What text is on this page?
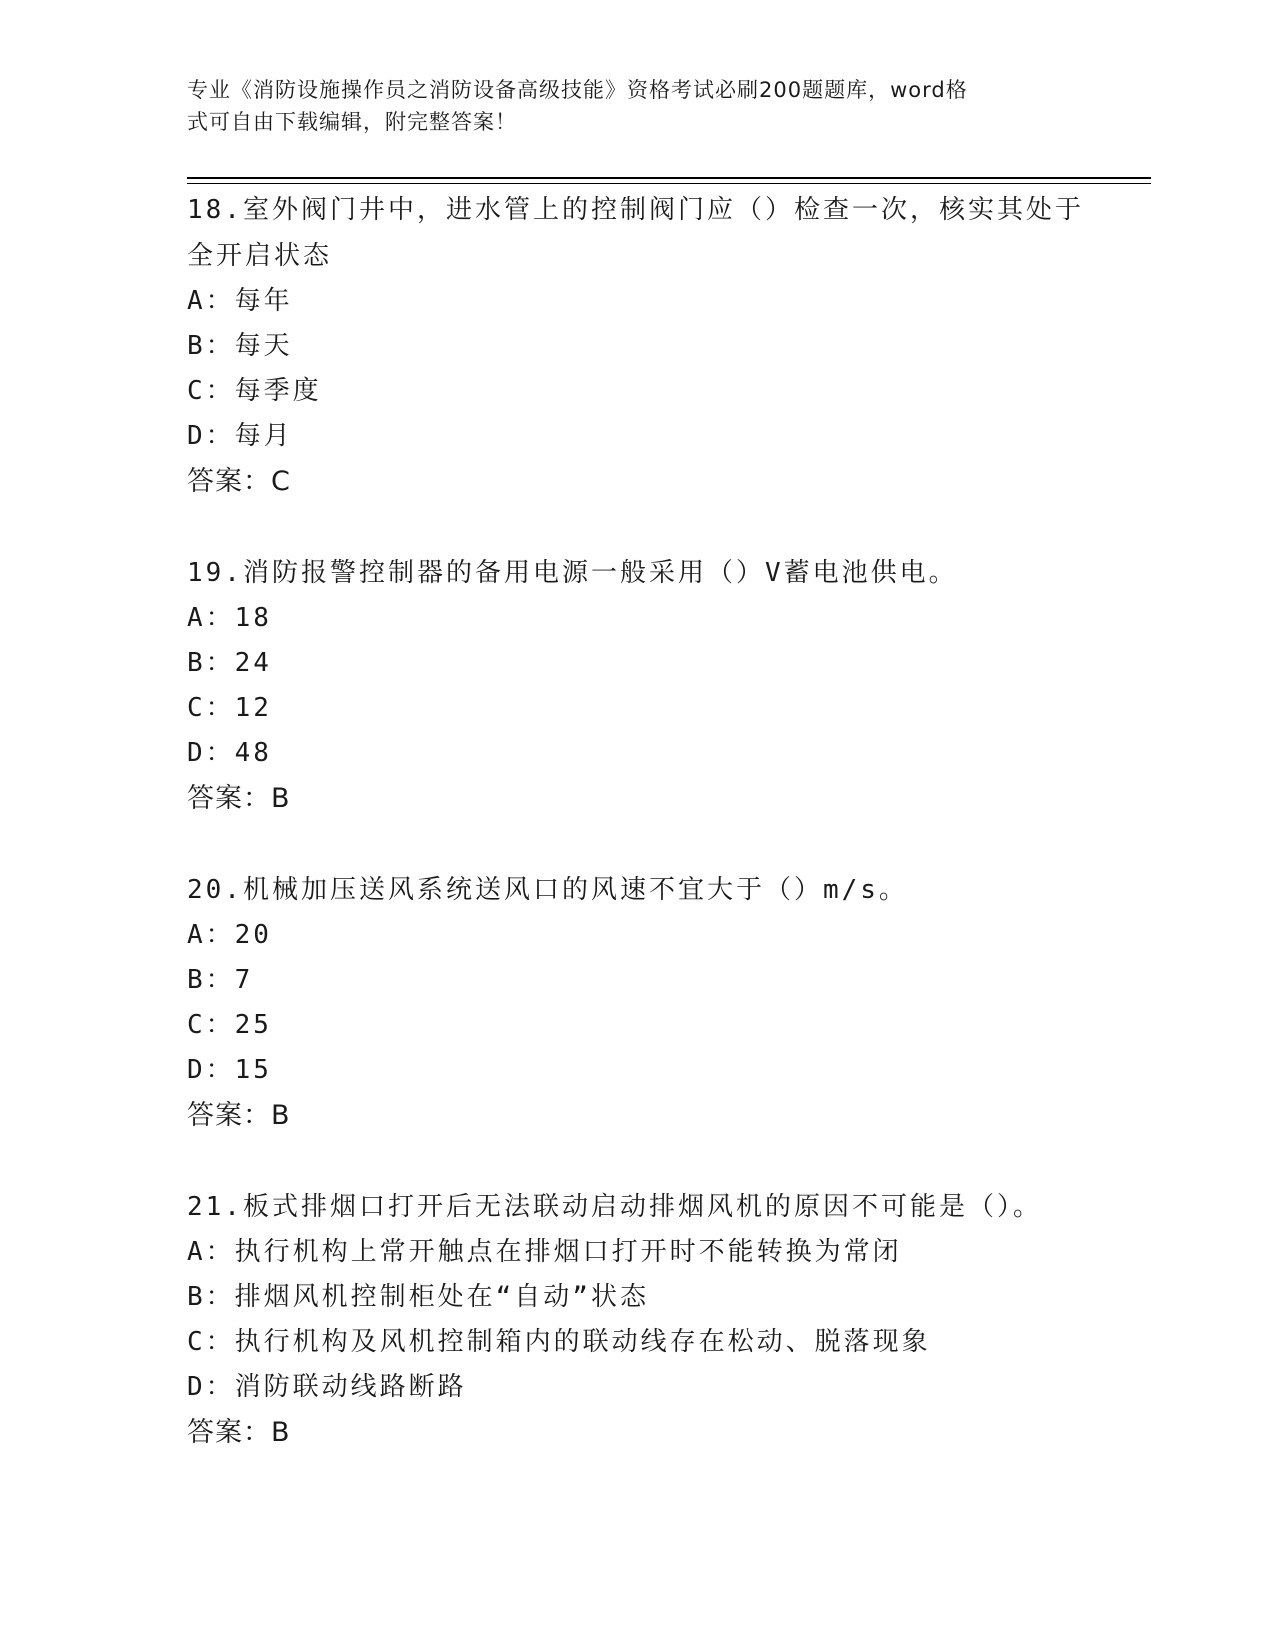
专业《消防设施操作员之消防设备高级技能》资格考试必刷200题题库，word格
式可自由下载编辑，附完整答案！
18.室外阀门井中，进水管上的控制阀门应（）检查一次，核实其处于全开启状态
A：每年
B：每天
C：每季度
D：每月
答案：C
19.消防报警控制器的备用电源一般采用（）V蓄电池供电。
A：18
B：24
C：12
D：48
答案：B
20.机械加压送风系统送风口的风速不宜大于（）m/s。
A：20
B：7
C：25
D：15
答案：B
21.板式排烟口打开后无法联动启动排烟风机的原因不可能是（）。
A：执行机构上常开触点在排烟口打开时不能转换为常闭
B：排烟风机控制柜处在“自动”状态
C：执行机构及风机控制箱内的联动线存在松动、脱落现象
D：消防联动线路断路
答案：B
